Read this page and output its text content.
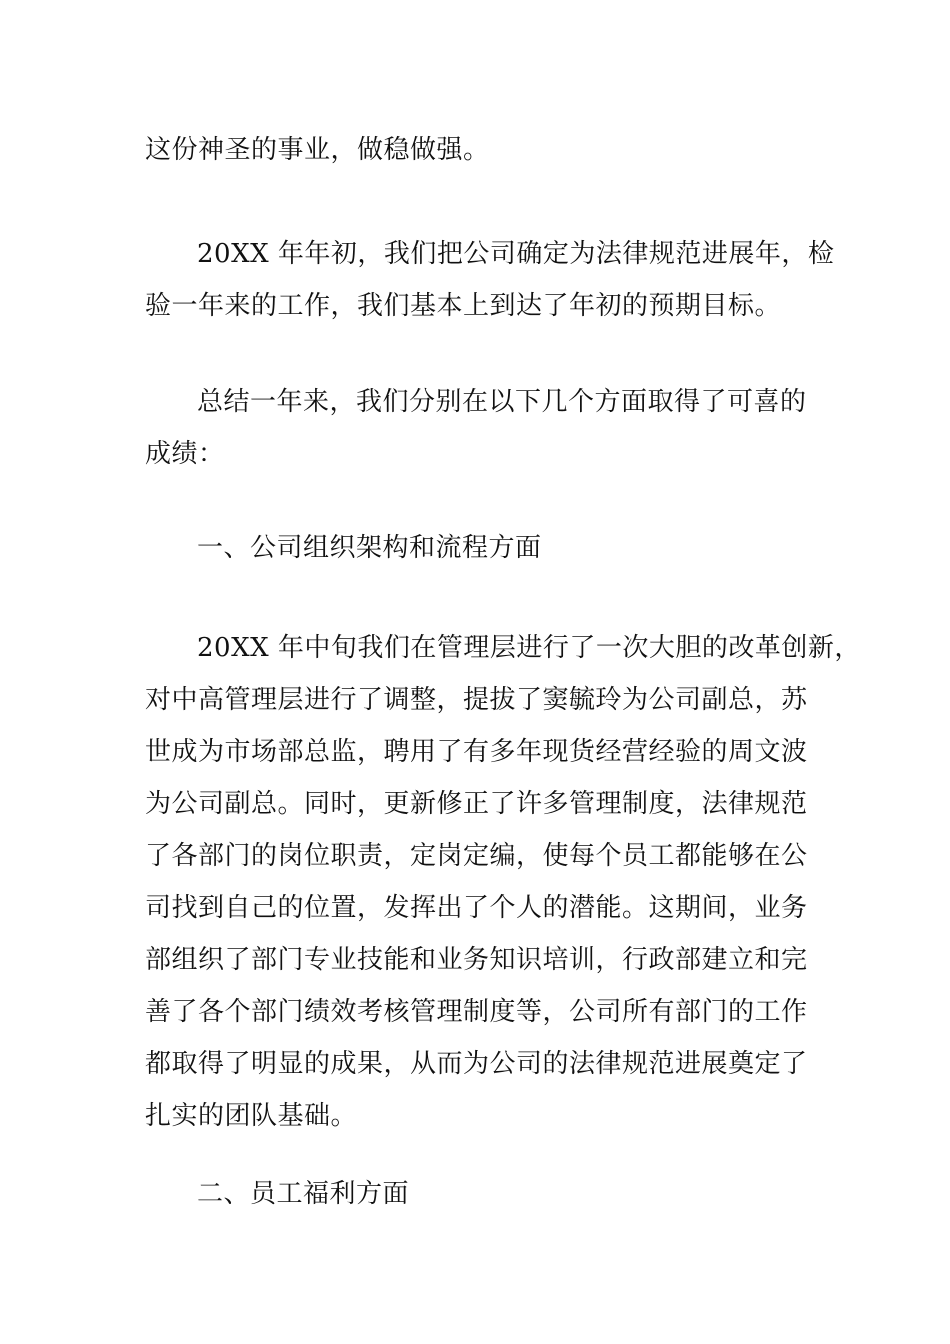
这份神圣的事业，做稳做强。

20XX 年年初，我们把公司确定为法律规范进展年，检
验一年来的工作，我们基本上到达了年初的预期目标。

总结一年来，我们分别在以下几个方面取得了可喜的
成绩：

一、公司组织架构和流程方面

20XX 年中旬我们在管理层进行了一次大胆的改革创新，
对中高管理层进行了调整，提拔了窦毓玲为公司副总，苏
世成为市场部总监，聘用了有多年现货经营经验的周文波
为公司副总。同时，更新修正了许多管理制度，法律规范
了各部门的岗位职责，定岗定编，使每个员工都能够在公
司找到自己的位置，发挥出了个人的潜能。这期间，业务
部组织了部门专业技能和业务知识培训，行政部建立和完
善了各个部门绩效考核管理制度等，公司所有部门的工作
都取得了明显的成果，从而为公司的法律规范进展奠定了
扎实的团队基础。

二、员工福利方面
